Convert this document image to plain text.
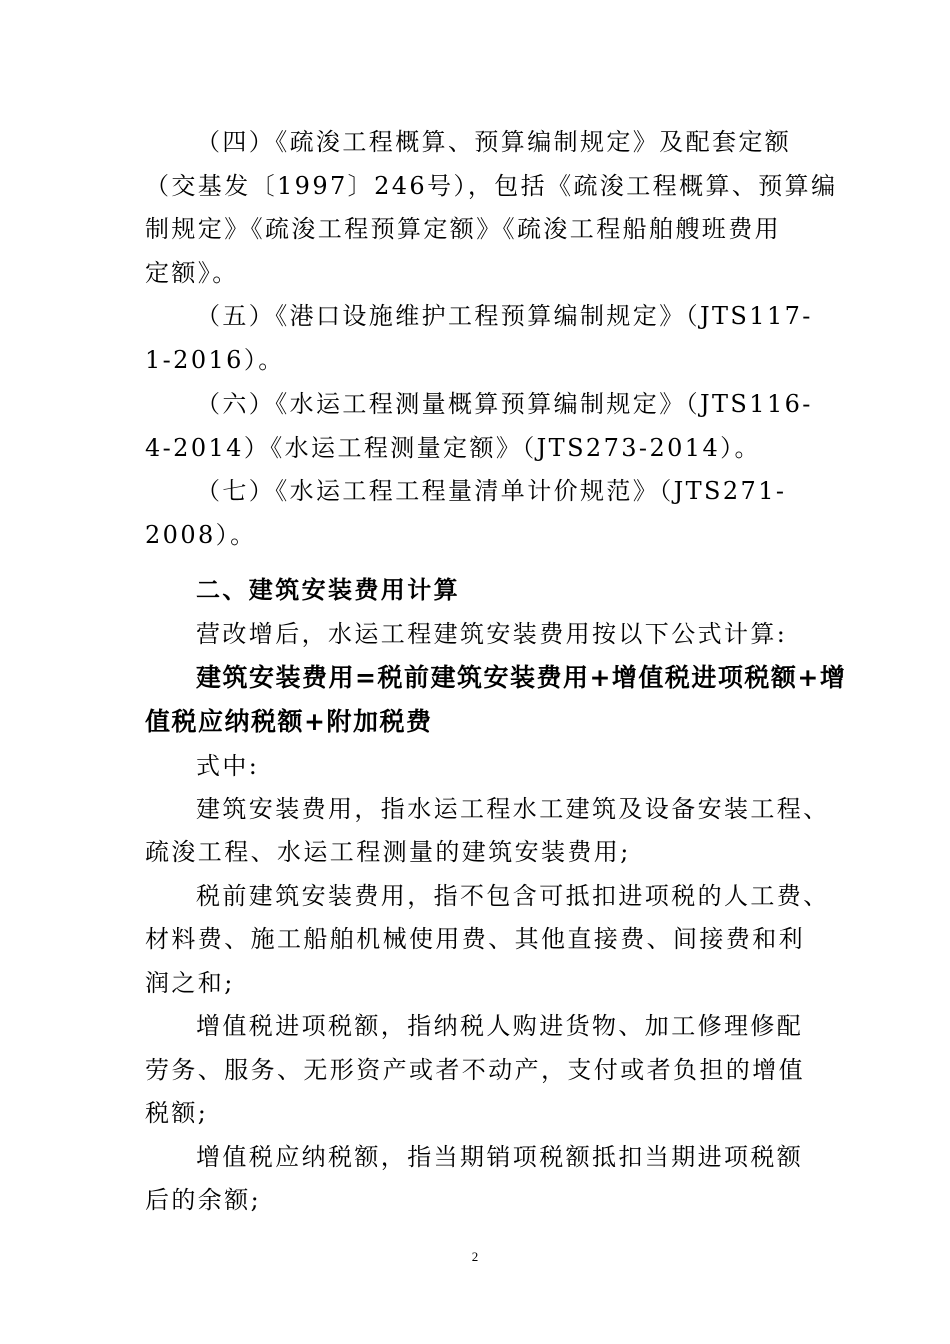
（四）《疏浚工程概算、预算编制规定》及配套定额
（交基发〔1997〕246号），包括《疏浚工程概算、预算编
制规定》《疏浚工程预算定额》《疏浚工程船舶艘班费用
定额》。
（五）《港口设施维护工程预算编制规定》（JTS117-
1-2016）。
（六）《水运工程测量概算预算编制规定》（JTS116-
4-2014）《水运工程测量定额》（JTS273-2014）。
（七）《水运工程工程量清单计价规范》（JTS271-
2008）。
二、建筑安装费用计算
营改增后，水运工程建筑安装费用按以下公式计算:
建筑安装费用=税前建筑安装费用+增值税进项税额+增
值税应纳税额+附加税费
式中:
建筑安装费用，指水运工程水工建筑及设备安装工程、
疏浚工程、水运工程测量的建筑安装费用;
税前建筑安装费用，指不包含可抵扣进项税的人工费、
材料费、施工船舶机械使用费、其他直接费、间接费和利
润之和;
增值税进项税额，指纳税人购进货物、加工修理修配
劳务、服务、无形资产或者不动产，支付或者负担的增值
税额;
增值税应纳税额，指当期销项税额抵扣当期进项税额
后的余额;
2
